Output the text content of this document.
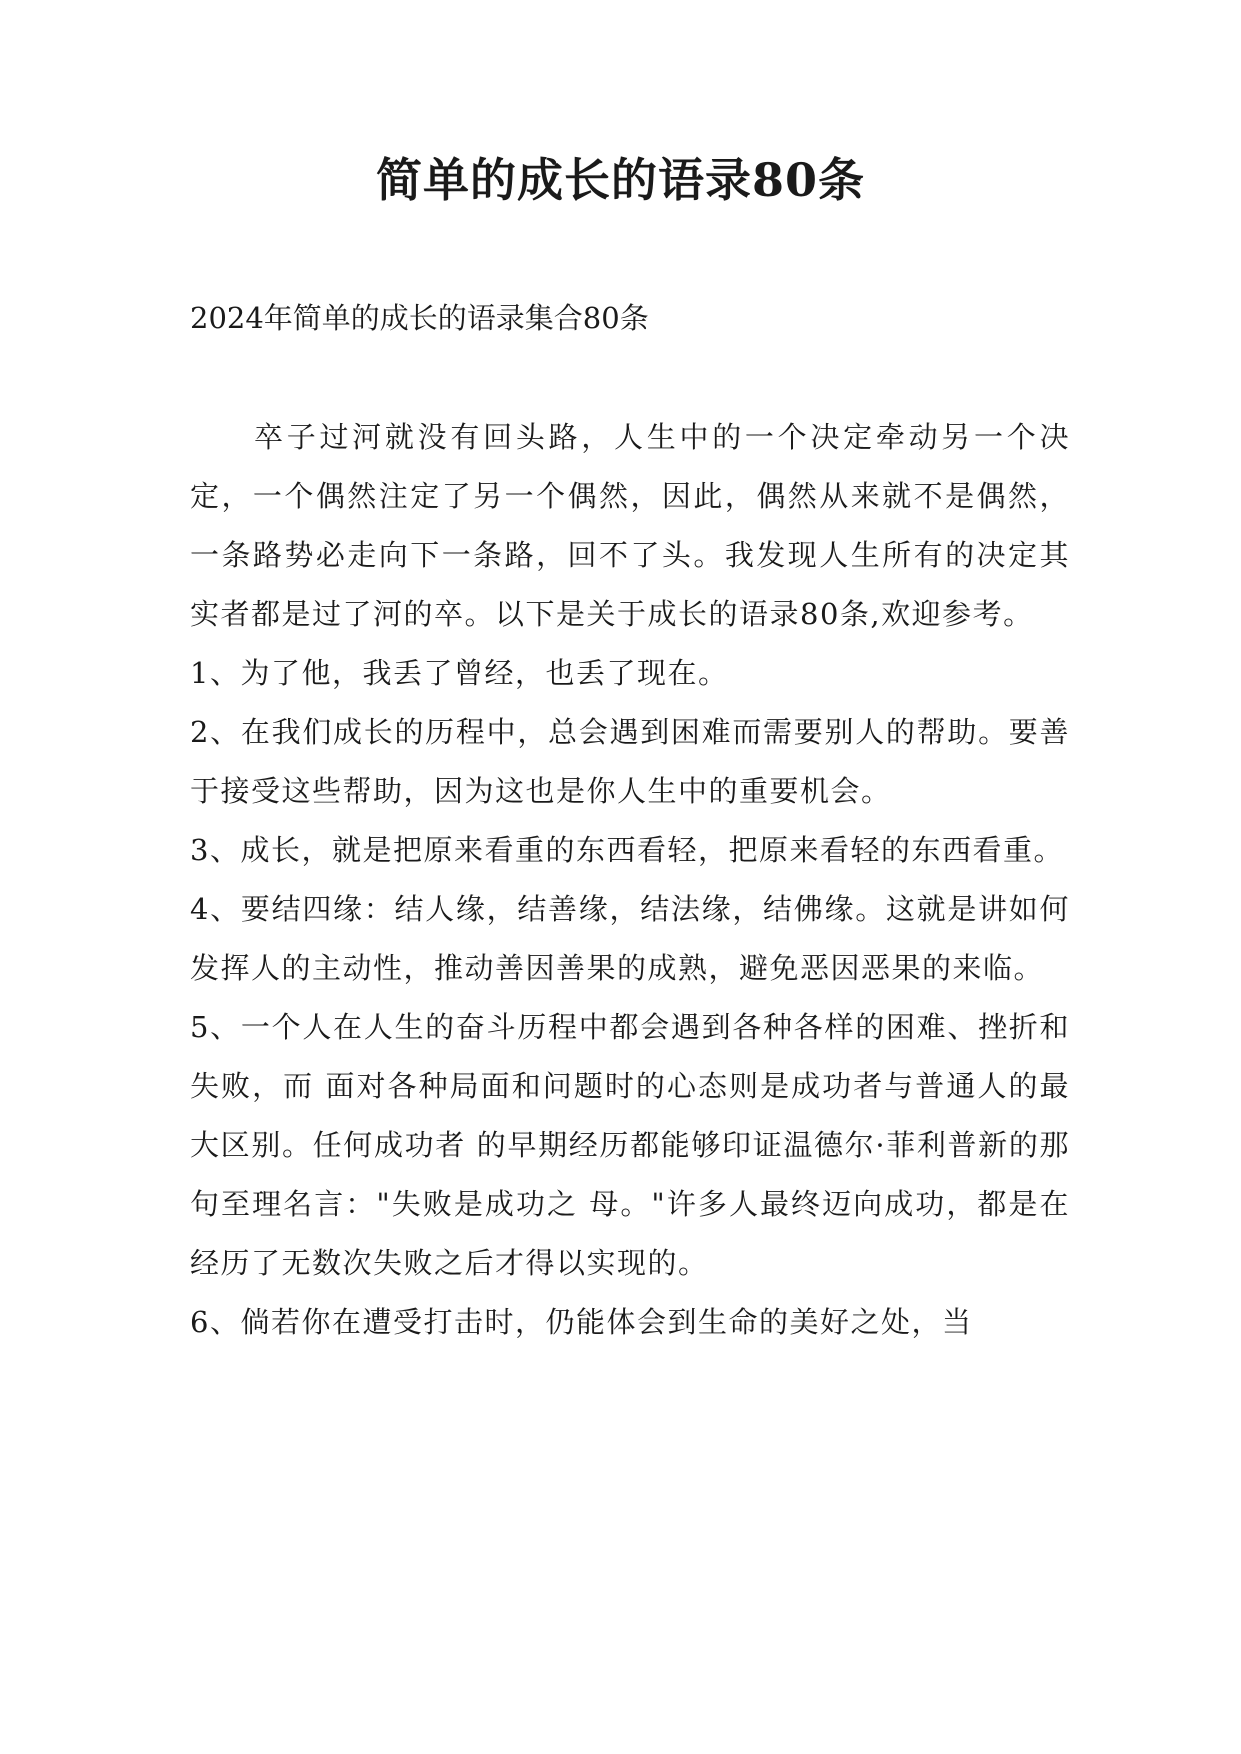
简单的成长的语录80条

2024年简单的成长的语录集合80条

卒子过河就没有回头路，人生中的一个决定牵动另一个决定，一个偶然注定了另一个偶然，因此，偶然从来就不是偶然，一条路势必走向下一条路，回不了头。我发现人生所有的决定其实者都是过了河的卒。以下是关于成长的语录80条,欢迎参考。

1、为了他，我丢了曾经，也丢了现在。

2、在我们成长的历程中，总会遇到困难而需要别人的帮助。要善于接受这些帮助，因为这也是你人生中的重要机会。

3、成长，就是把原来看重的东西看轻，把原来看轻的东西看重。

4、要结四缘：结人缘，结善缘，结法缘，结佛缘。这就是讲如何发挥人的主动性，推动善因善果的成熟，避免恶因恶果的来临。

5、一个人在人生的奋斗历程中都会遇到各种各样的困难、挫折和失败，而 面对各种局面和问题时的心态则是成功者与普通人的最大区别。任何成功者 的早期经历都能够印证温德尔·菲利普新的那句至理名言："失败是成功之 母。"许多人最终迈向成功，都是在经历了无数次失败之后才得以实现的。

6、倘若你在遭受打击时，仍能体会到生命的美好之处，当
